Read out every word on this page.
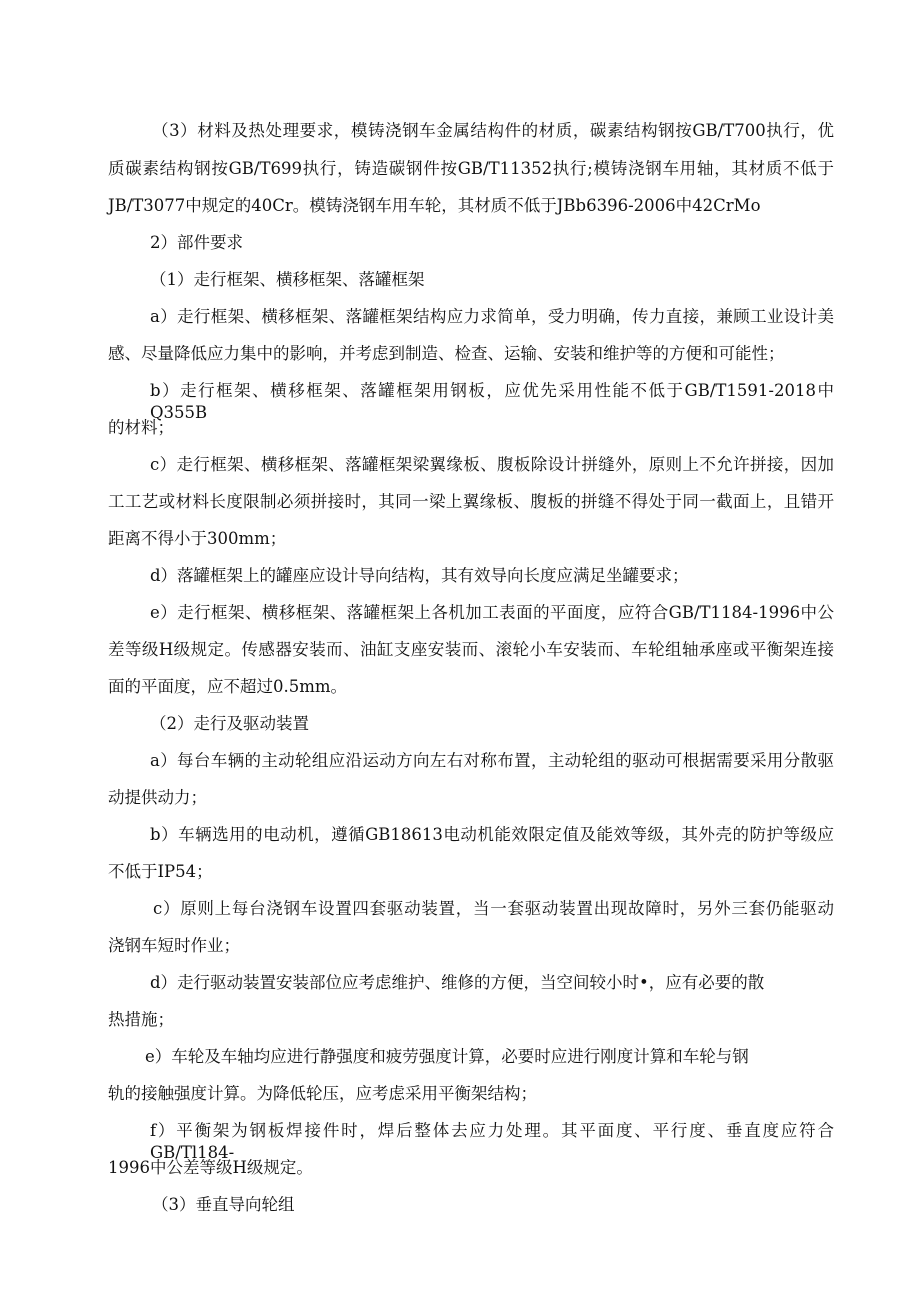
（3）材料及热处理要求，模铸浇钢车金属结构件的材质，碳素结构钢按GB/T700执行，优
质碳素结构钢按GB/T699执行，铸造碳钢件按GB/T11352执行;模铸浇钢车用轴，其材质不低于
JB/T3077中规定的40Cr。模铸浇钢车用车轮，其材质不低于JBb6396-2006中42CrMo
2）部件要求
（1）走行框架、横移框架、落罐框架
a）走行框架、横移框架、落罐框架结构应力求简单，受力明确，传力直接，兼顾工业设计美
感、尽量降低应力集中的影响，并考虑到制造、检查、运输、安装和维护等的方便和可能性；
b）走行框架、横移框架、落罐框架用钢板，应优先采用性能不低于GB/T1591-2018中Q355B
的材料；
c）走行框架、横移框架、落罐框架梁翼缘板、腹板除设计拼缝外，原则上不允许拼接，因加
工工艺或材料长度限制必须拼接时，其同一梁上翼缘板、腹板的拼缝不得处于同一截面上，且错开
距离不得小于300mm；
d）落罐框架上的罐座应设计导向结构，其有效导向长度应满足坐罐要求；
e）走行框架、横移框架、落罐框架上各机加工表面的平面度，应符合GB/T1184-1996中公
差等级H级规定。传感器安装而、油缸支座安装而、滚轮小车安装而、车轮组轴承座或平衡架连接
面的平面度，应不超过0.5mm。
（2）走行及驱动装置
a）每台车辆的主动轮组应沿运动方向左右对称布置，主动轮组的驱动可根据需要采用分散驱
动提供动力；
b）车辆选用的电动机，遵循GB18613电动机能效限定值及能效等级，其外壳的防护等级应
不低于IP54；
c）原则上每台浇钢车设置四套驱动装置，当一套驱动装置出现故障时，另外三套仍能驱动
浇钢车短时作业；
d）走行驱动装置安装部位应考虑维护、维修的方便，当空间较小时•，应有必要的散
热措施；
e）车轮及车轴均应进行静强度和疲劳强度计算，必要时应进行刚度计算和车轮与钢
轨的接触强度计算。为降低轮压，应考虑采用平衡架结构；
f）平衡架为钢板焊接件时，焊后整体去应力处理。其平面度、平行度、垂直度应符合GB/Tl184-
1996中公差等级H级规定。
（3）垂直导向轮组
